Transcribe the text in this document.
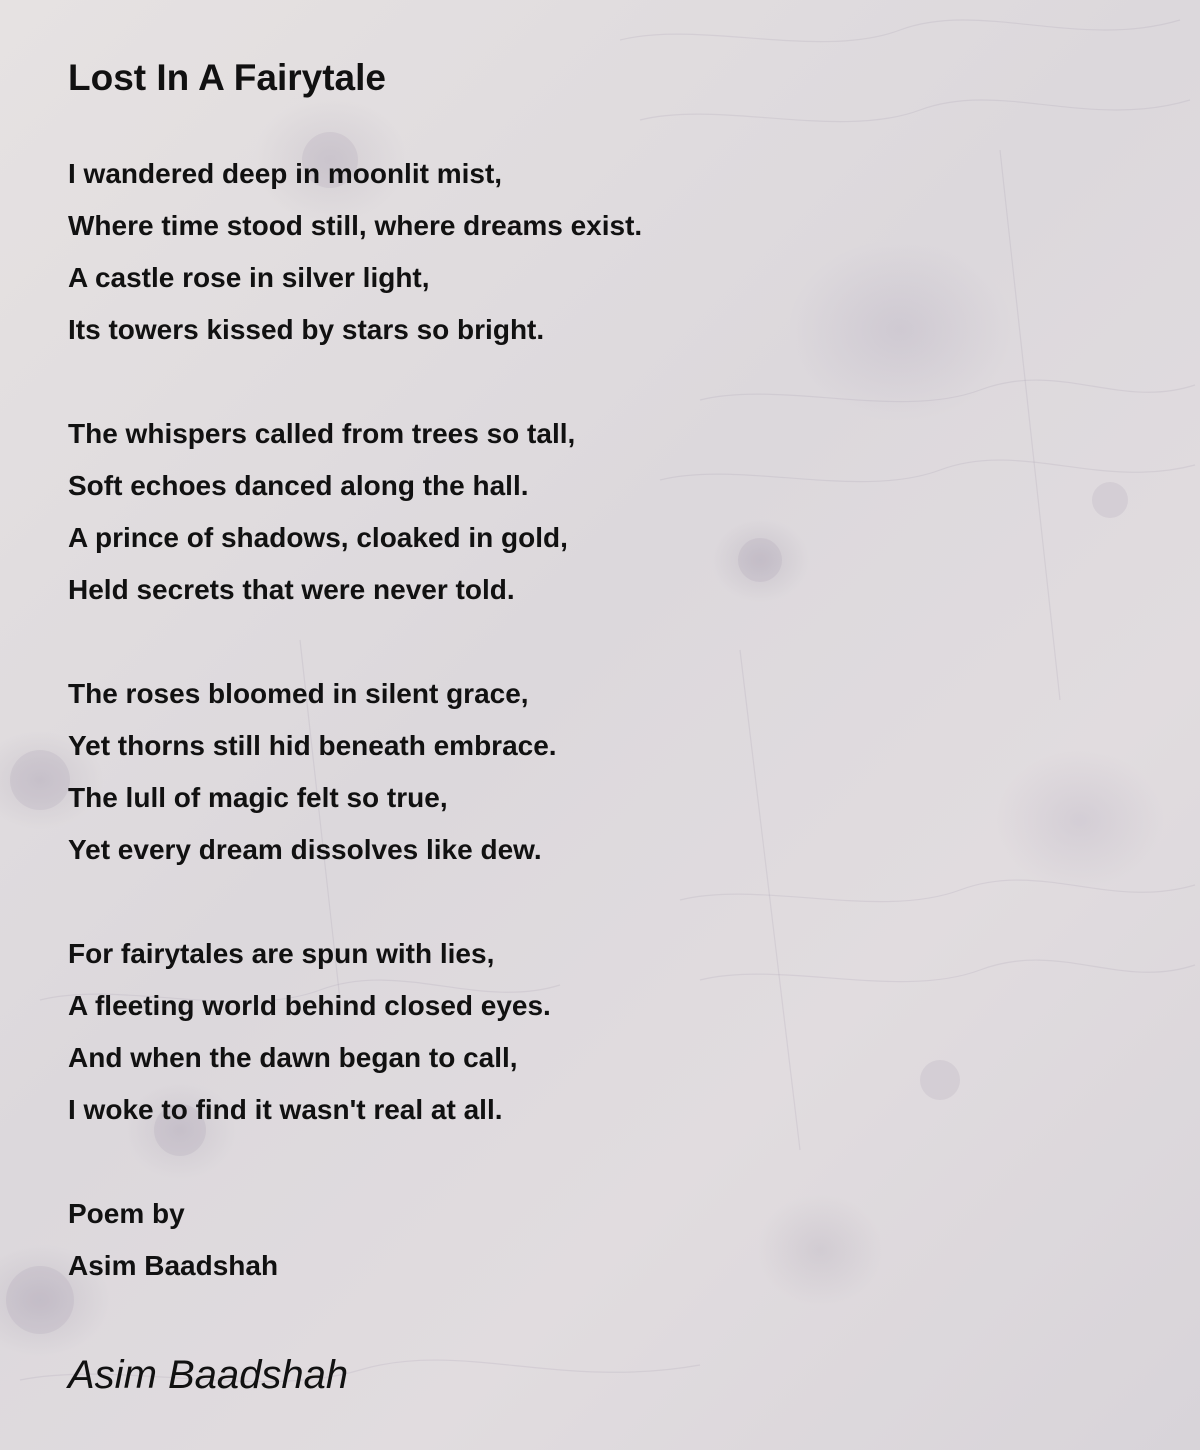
Lost In A Fairytale
I wandered deep in moonlit mist,
Where time stood still, where dreams exist.
A castle rose in silver light,
Its towers kissed by stars so bright.
The whispers called from trees so tall,
Soft echoes danced along the hall.
A prince of shadows, cloaked in gold,
Held secrets that were never told.
The roses bloomed in silent grace,
Yet thorns still hid beneath embrace.
The lull of magic felt so true,
Yet every dream dissolves like dew.
For fairytales are spun with lies,
A fleeting world behind closed eyes.
And when the dawn began to call,
I woke to find it wasn't real at all.
Poem by
Asim Baadshah
Asim Baadshah
